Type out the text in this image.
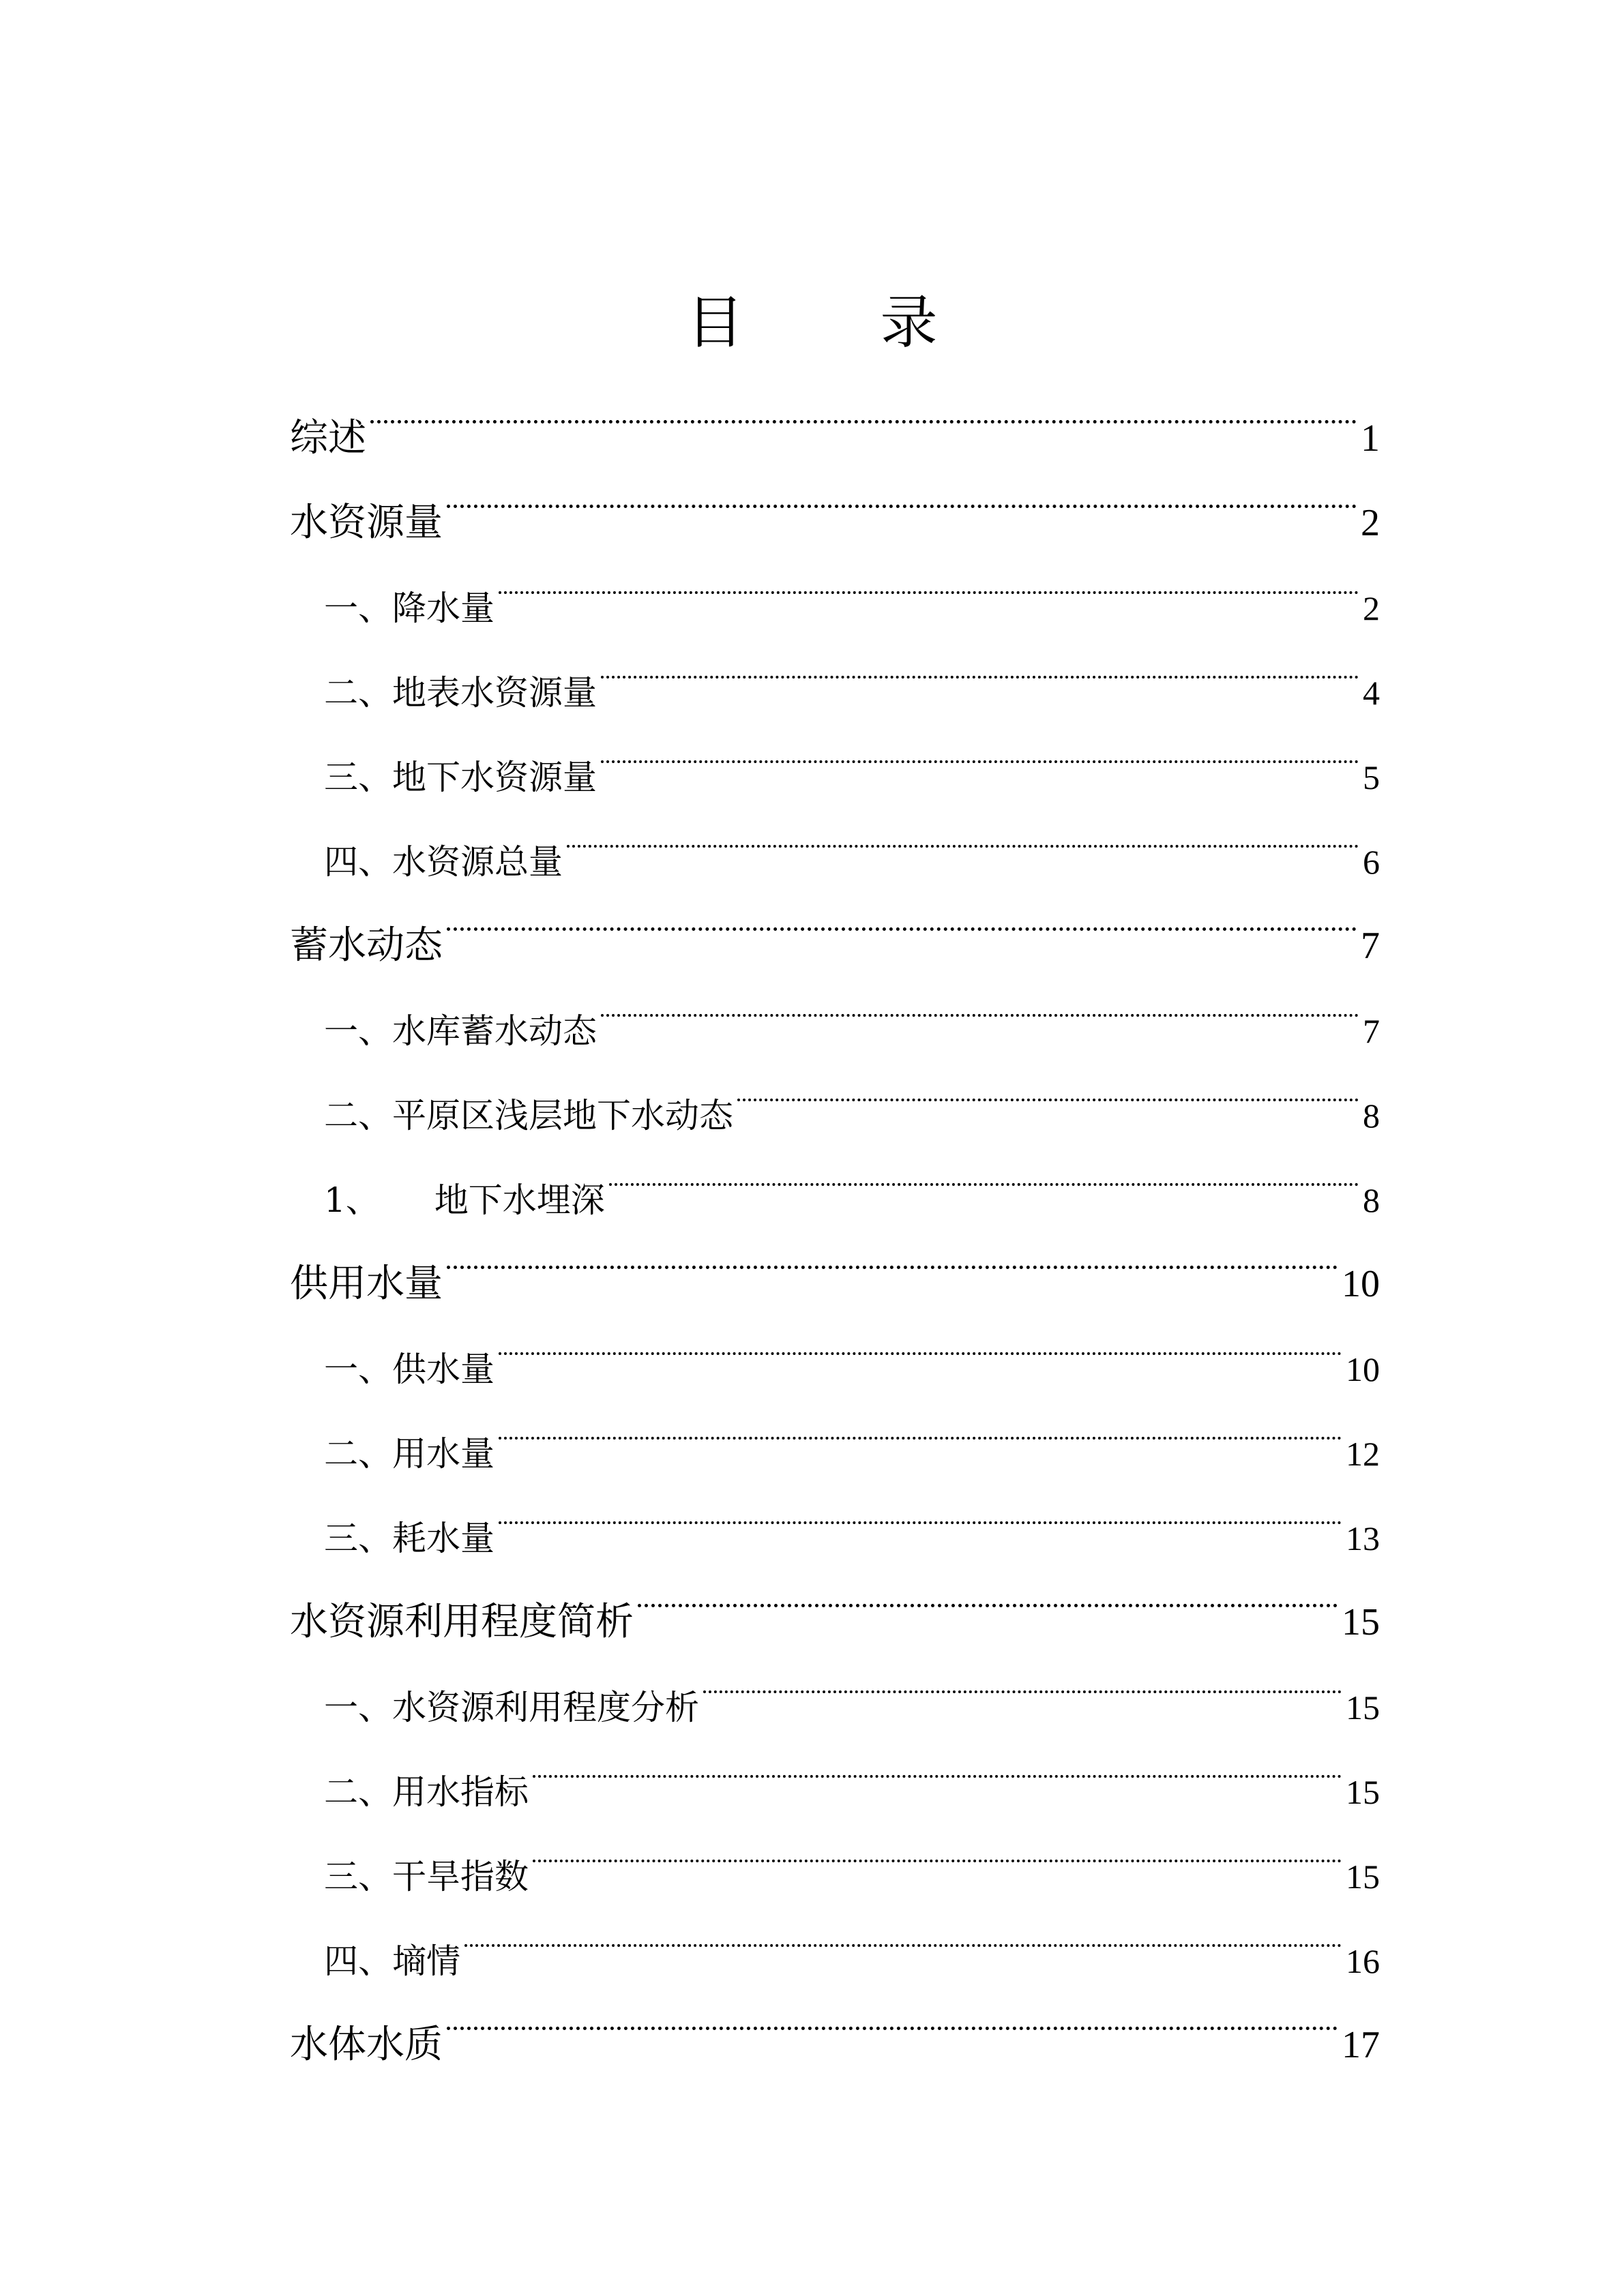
目 录
综述	1
水资源量	2
一、降水量	2
二、地表水资源量	4
三、地下水资源量	5
四、水资源总量	6
蓄水动态	7
一、水库蓄水动态	7
二、平原区浅层地下水动态	8
1、 地下水埋深	8
供用水量	10
一、供水量	10
二、用水量	12
三、耗水量	13
水资源利用程度简析	15
一、水资源利用程度分析	15
二、用水指标	15
三、干旱指数	15
四、墒情	16
水体水质	17
